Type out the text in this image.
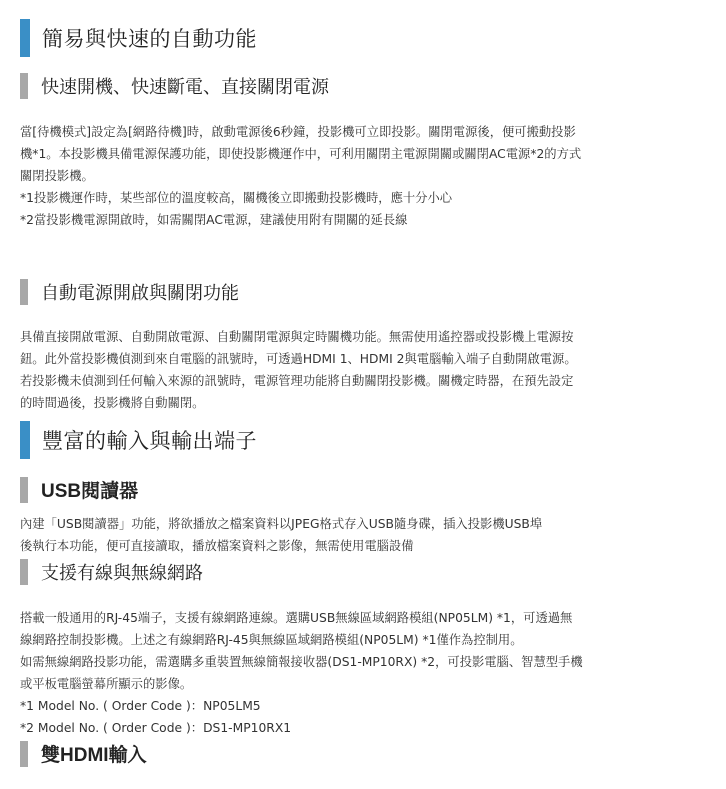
簡易與快速的自動功能
快速開機、快速斷電、直接關閉電源
當[待機模式]設定為[網路待機]時，啟動電源後6秒鐘，投影機可立即投影。關閉電源後，便可搬動投影
機*1。本投影機具備電源保護功能，即使投影機運作中，可利用關閉主電源開關或關閉AC電源*2的方式
關閉投影機。
*1投影機運作時，某些部位的溫度較高，關機後立即搬動投影機時，應十分小心
*2當投影機電源開啟時，如需關閉AC電源，建議使用附有開關的延長線
自動電源開啟與關閉功能
具備直接開啟電源、自動開啟電源、自動關閉電源與定時關機功能。無需使用遙控器或投影機上電源按
鈕。此外當投影機偵測到來自電腦的訊號時，可透過HDMI 1、HDMI 2與電腦輸入端子自動開啟電源。
若投影機未偵測到任何輸入來源的訊號時，電源管理功能將自動關閉投影機。關機定時器，在預先設定
的時間過後，投影機將自動關閉。
豐富的輸入與輸出端子
USB閱讀器
內建「USB閱讀器」功能，將欲播放之檔案資料以JPEG格式存入USB隨身碟，插入投影機USB埠
後執行本功能，便可直接讀取，播放檔案資料之影像，無需使用電腦設備
支援有線與無線網路
搭載一般通用的RJ-45端子，支援有線網路連線。選購USB無線區域網路模組(NP05LM) *1，可透過無
線網路控制投影機。上述之有線網路RJ-45與無線區域網路模組(NP05LM) *1僅作為控制用。
如需無線網路投影功能，需選購多重裝置無線簡報接收器(DS1-MP10RX) *2，可投影電腦、智慧型手機
或平板電腦螢幕所顯示的影像。
*1 Model No. ( Order Code )：NP05LM5
*2 Model No. ( Order Code )：DS1-MP10RX1
雙HDMI輸入
